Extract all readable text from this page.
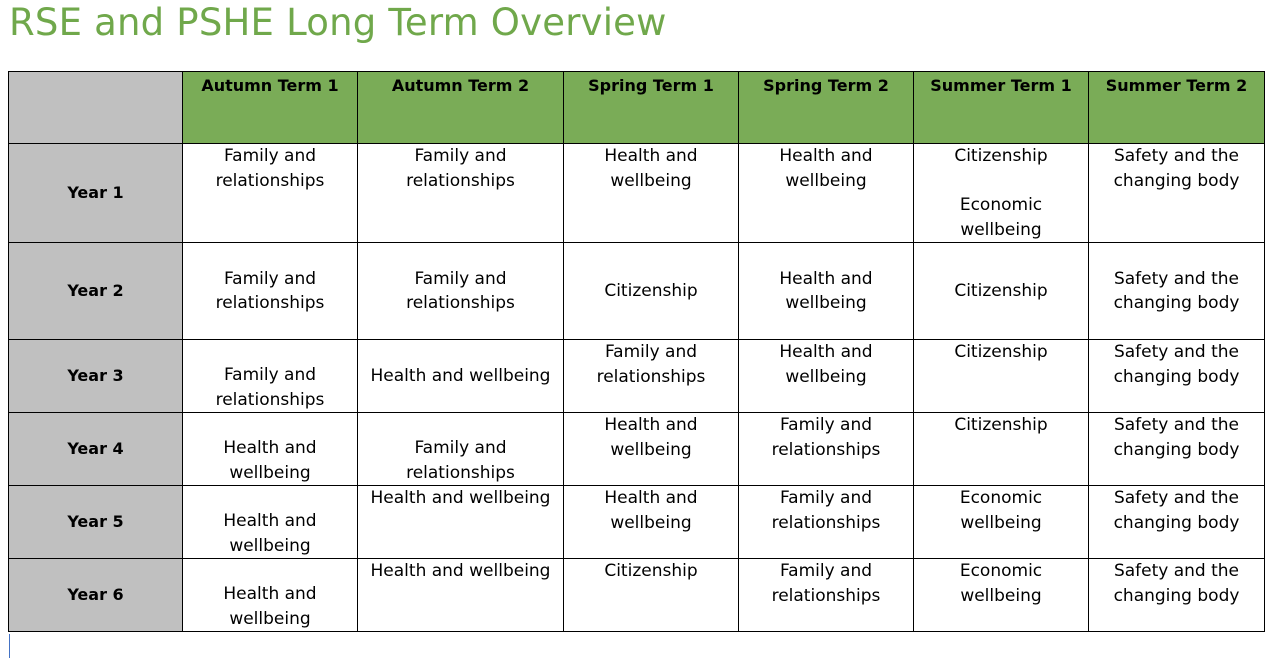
RSE and PSHE Long Term Overview
	Autumn Term 1	Autumn Term 2	Spring Term 1	Spring Term 2	Summer Term 1	Summer Term 2
Year 1	Family and
relationships	Family and
relationships	Health and
wellbeing	Health and
wellbeing	Citizenship
Economic
wellbeing	Safety and the
changing body

Year 2	Family and
relationships	Family and
relationships	Citizenship	Health and
wellbeing	Citizenship	Safety and the
changing body

Year 3	Family and
relationships	Health and wellbeing	Family and
relationships	Health and
wellbeing	Citizenship	Safety and the
changing body

Year 4	Health and
wellbeing	Family and
relationships	Health and
wellbeing	Family and
relationships	Citizenship	Safety and the
changing body

Year 5	Health and
wellbeing	Health and wellbeing	Health and
wellbeing	Family and
relationships	Economic
wellbeing	Safety and the
changing body

Year 6	Health and
wellbeing	Health and wellbeing	Citizenship	Family and
relationships	Economic
wellbeing	Safety and the
changing body
